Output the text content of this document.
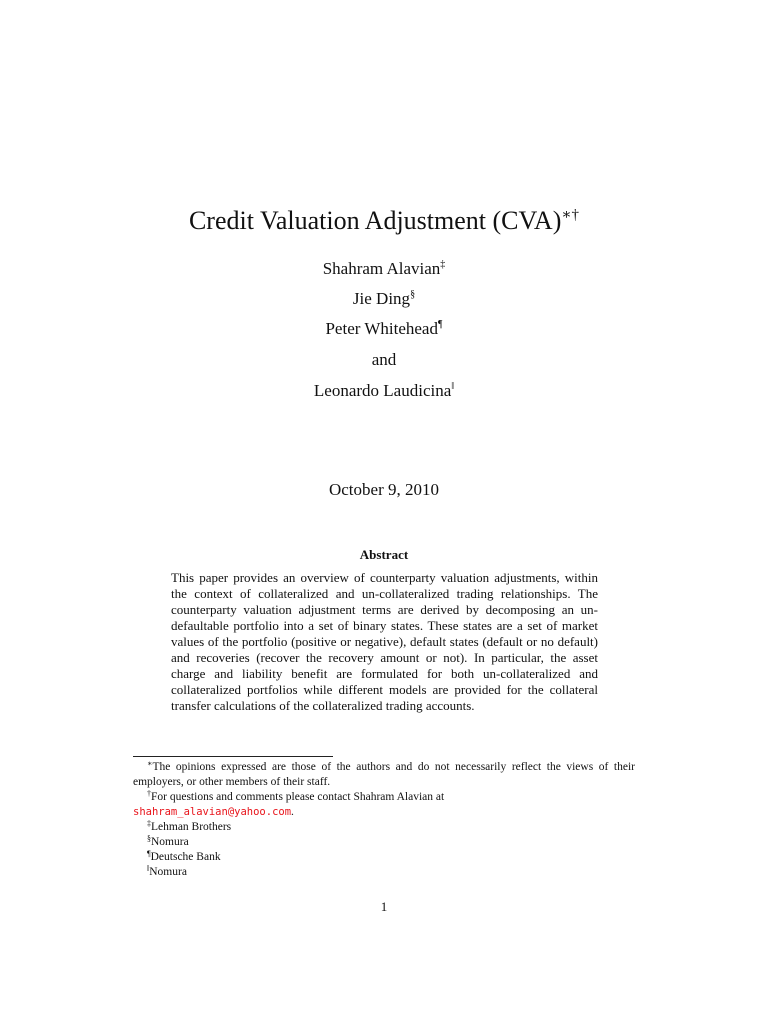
Credit Valuation Adjustment (CVA)∗†
Shahram Alavian‡
Jie Ding§
Peter Whitehead¶
and
Leonardo Laudicina‖
October 9, 2010
Abstract
This paper provides an overview of counterparty valuation adjustments, within the context of collateralized and un-collateralized trading relationships. The counterparty valuation adjustment terms are derived by decomposing an un-defaultable portfolio into a set of binary states. These states are a set of market values of the portfolio (positive or negative), default states (default or no default) and recoveries (recover the recovery amount or not). In particular, the asset charge and liability benefit are formulated for both un-collateralized and collateralized portfolios while different models are provided for the collateral transfer calculations of the collateralized trading accounts.

∗The opinions expressed are those of the authors and do not necessarily reflect the views of their employers, or other members of their staff.

†For questions and comments please contact Shahram Alavian at
shahram_alavian@yahoo.com.

‡Lehman Brothers

§Nomura

¶Deutsche Bank

‖Nomura

1
